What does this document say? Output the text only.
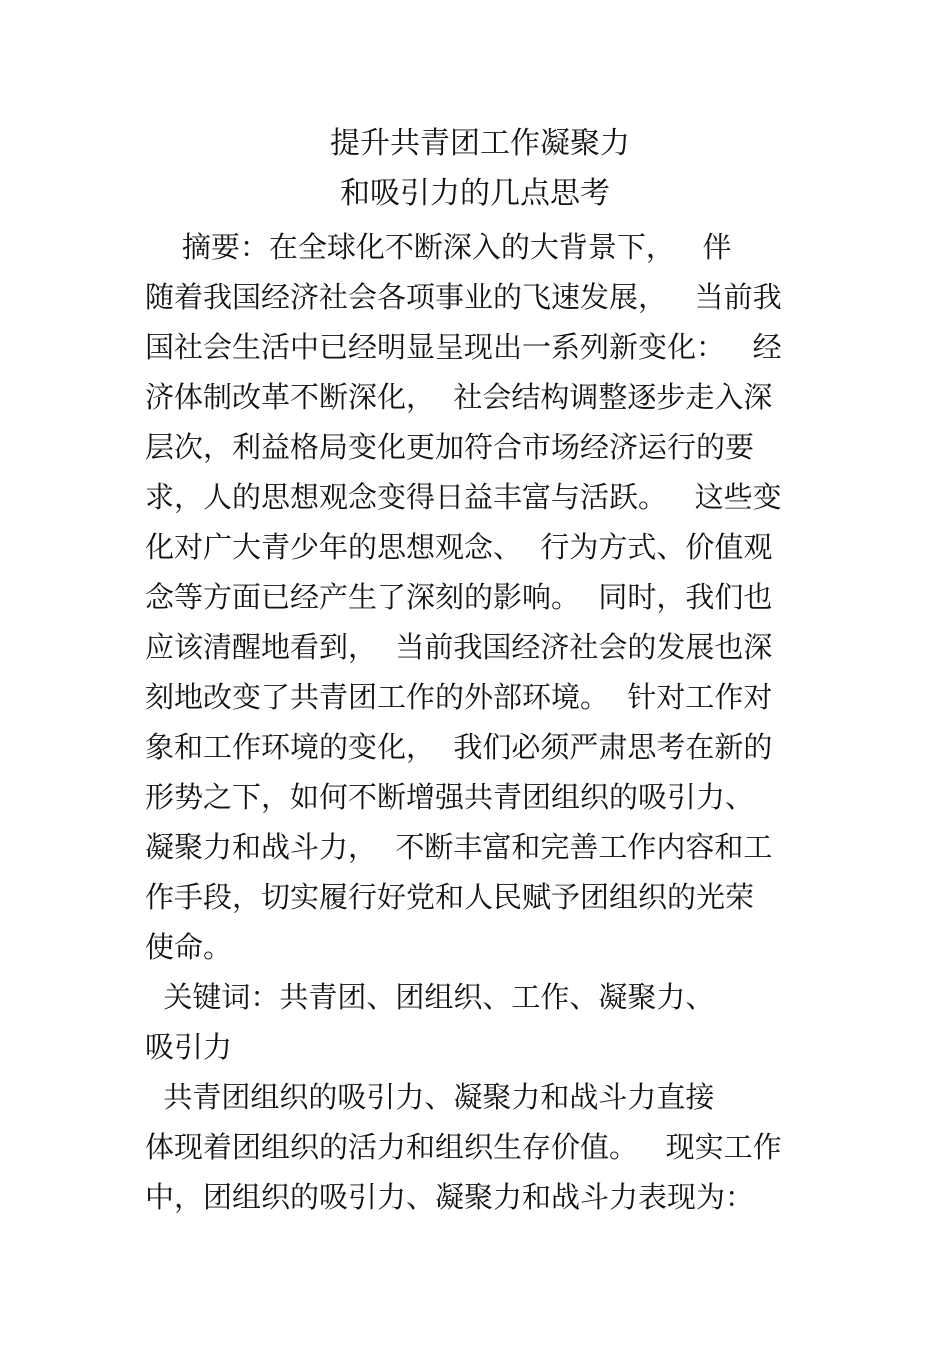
提升共青团工作凝聚力
和吸引力的几点思考
摘要：在全球化不断深入的大背景下，   伴
随着我国经济社会各项事业的飞速发展，   当前我
国社会生活中已经明显呈现出一系列新变化：   经
济体制改革不断深化，  社会结构调整逐步走入深
层次，利益格局变化更加符合市场经济运行的要
求，人的思想观念变得日益丰富与活跃。   这些变
化对广大青少年的思想观念、  行为方式、价值观
念等方面已经产生了深刻的影响。  同时，我们也
应该清醒地看到，  当前我国经济社会的发展也深
刻地改变了共青团工作的外部环境。  针对工作对
象和工作环境的变化，  我们必须严肃思考在新的
形势之下，如何不断增强共青团组织的吸引力、
凝聚力和战斗力，  不断丰富和完善工作内容和工
作手段，切实履行好党和人民赋予团组织的光荣
使命。
关键词：共青团、团组织、工作、凝聚力、
吸引力
共青团组织的吸引力、凝聚力和战斗力直接
体现着团组织的活力和组织生存价值。   现实工作
中，团组织的吸引力、凝聚力和战斗力表现为：
